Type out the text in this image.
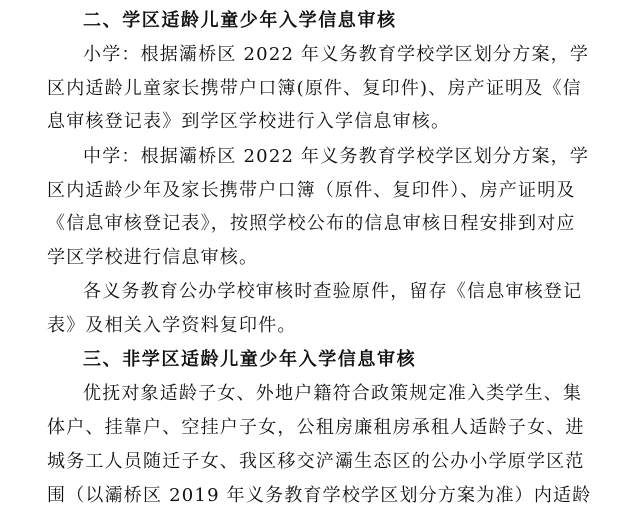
二、学区适龄儿童少年入学信息审核
小学：根据灞桥区 2022 年义务教育学校学区划分方案，学
区内适龄儿童家长携带户口簿(原件、复印件)、房产证明及《信
息审核登记表》到学区学校进行入学信息审核。
中学：根据灞桥区 2022 年义务教育学校学区划分方案，学
区内适龄少年及家长携带户口簿（原件、复印件）、房产证明及
《信息审核登记表》，按照学校公布的信息审核日程安排到对应
学区学校进行信息审核。
各义务教育公办学校审核时查验原件，留存《信息审核登记
表》及相关入学资料复印件。
三、非学区适龄儿童少年入学信息审核
优抚对象适龄子女、外地户籍符合政策规定准入类学生、集
体户、挂靠户、空挂户子女，公租房廉租房承租人适龄子女、进
城务工人员随迁子女、我区移交浐灞生态区的公办小学原学区范
围（以灞桥区 2019 年义务教育学校学区划分方案为准）内适龄
